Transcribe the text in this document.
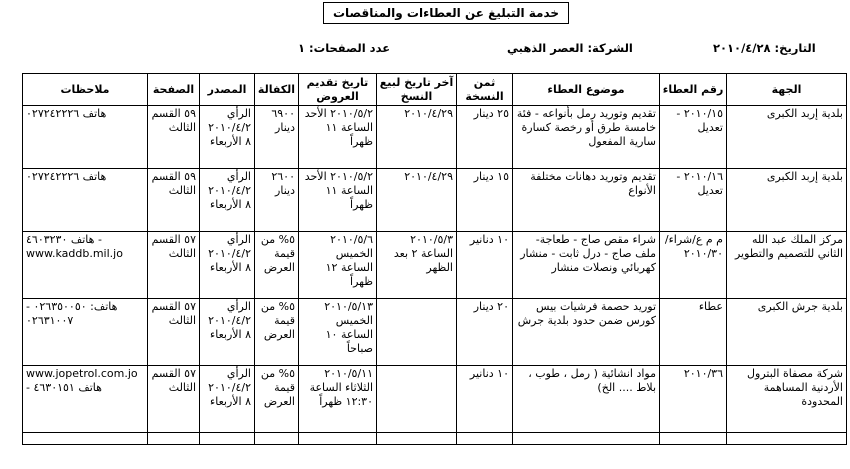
خدمة التبليغ عن العطاءات والمناقصات
التاريخ: ٢٠١٠/٤/٢٨
الشركة: العصر الذهبي
عدد الصفحات: ١
الجهة	رقم العطاء	موضوع العطاء	ثمن النسخة	آخر تاريخ لبيع النسخ	تاريخ تقديم العروض	الكفالة	المصدر	الصفحة	ملاحظات
بلدية إربد الكبرى	٢٠١٠/١٥ - تعديل	تقديم وتوريد رمل بأنواعه - فئة خامسة طرق أو رخصة كسارة سارية المفعول	٢٥ دينار	٢٠١٠/٤/٢٩	٢٠١٠/٥/٢ الأحد الساعة ١١ ظهراً	٦٩٠٠ دينار	الرأي ٢٠١٠/٤/٢٨ الأربعاء	٥٩ القسم الثالث	هاتف ٠٢٧٢٤٢٢٢٦
بلدية إربد الكبرى	٢٠١٠/١٦ - تعديل	تقديم وتوريد دهانات مختلفة الأنواع	١٥ دينار	٢٠١٠/٤/٢٩	٢٠١٠/٥/٢ الأحد الساعة ١١ ظهراً	٢٦٠٠ دينار	الرأي ٢٠١٠/٤/٢٨ الأربعاء	٥٩ القسم الثالث	هاتف ٠٢٧٢٤٢٢٢٦
مركز الملك عبد الله الثاني للتصميم والتطوير	م م ع/شراء/ ٢٠١٠/٣٠	شراء مقص صاج - طعاجة- ملف صاج - درل ثابت - منشار كهربائي ونصلات منشار	١٠ دنانير	٢٠١٠/٥/٣ الساعة ٢ بعد الظهر	٢٠١٠/٥/٦ الخميس الساعة ١٢ ظهراً	٥% من قيمة العرض	الرأي ٢٠١٠/٤/٢٨ الأربعاء	٥٧ القسم الثالث	هاتف ٤٦٠٣٢٣٠ - www.kaddb.mil.jo
بلدية جرش الكبرى	عطاء	توريد حصمة فرشيات بيس كورس ضمن حدود بلدية جرش	٢٠ دينار		٢٠١٠/٥/١٣ الخميس الساعة ١٠ صباحاً	٥% من قيمة العرض	الرأي ٢٠١٠/٤/٢٨ الأربعاء	٥٧ القسم الثالث	هاتف: ٠٢٦٣٥٠٠٥٠ - ٠٢٦٣١٠٠٧
شركة مصفاة البترول الأردنية المساهمة المحدودة	٢٠١٠/٣٦	مواد انشائية ( رمل ، طوب ، بلاط .... الخ)	١٠ دنانير		٢٠١٠/٥/١١ الثلاثاء الساعة ١٢:٣٠ ظهراً	٥% من قيمة العرض	الرأي ٢٠١٠/٤/٢٨ الأربعاء	٥٧ القسم الثالث	www.jopetrol.com.jo - هاتف ٤٦٣٠١٥١
